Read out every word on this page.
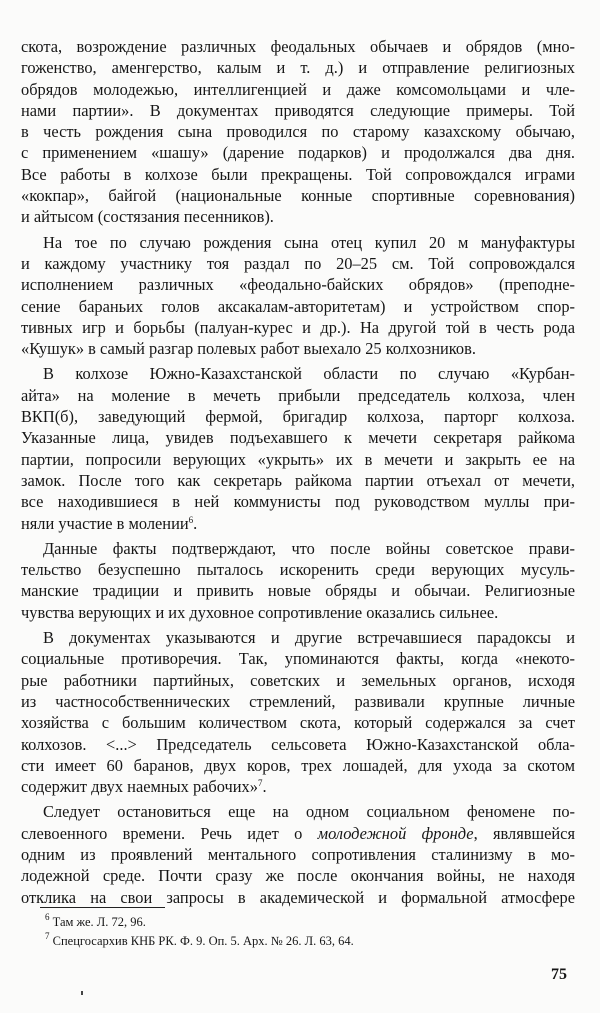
скота, возрождение различных феодальных обычаев и обрядов (мно-
гоженство, аменгерство, калым и т. д.) и отправление религиозных
обрядов молодежью, интеллигенцией и даже комсомольцами и чле-
нами партии». В документах приводятся следующие примеры. Той
в честь рождения сына проводился по старому казахскому обычаю,
с применением «шашу» (дарение подарков) и продолжался два дня.
Все работы в колхозе были прекращены. Той сопровождался играми
«кокпар», байгой (национальные конные спортивные соревнования)
и айтысом (состязания песенников).
На тое по случаю рождения сына отец купил 20 м мануфактуры
и каждому участнику тоя раздал по 20–25 см. Той сопровождался
исполнением различных «феодально-байских обрядов» (преподне-
сение бараньих голов аксакалам-авторитетам) и устройством спор-
тивных игр и борьбы (палуан-курес и др.). На другой той в честь рода
«Кушук» в самый разгар полевых работ выехало 25 колхозников.
В колхозе Южно-Казахстанской области по случаю «Курбан-
айта» на моление в мечеть прибыли председатель колхоза, член
ВКП(б), заведующий фермой, бригадир колхоза, парторг колхоза.
Указанные лица, увидев подъехавшего к мечети секретаря райкома
партии, попросили верующих «укрыть» их в мечети и закрыть ее на
замок. После того как секретарь райкома партии отъехал от мечети,
все находившиеся в ней коммунисты под руководством муллы при-
няли участие в молении$^6$.
Данные факты подтверждают, что после войны советское прави-
тельство безуспешно пыталось искоренить среди верующих мусуль-
манские традиции и привить новые обряды и обычаи. Религиозные
чувства верующих и их духовное сопротивление оказались сильнее.
В документах указываются и другие встречавшиеся парадоксы и
социальные противоречия. Так, упоминаются факты, когда «некото-
рые работники партийных, советских и земельных органов, исходя
из частнособственнических стремлений, развивали крупные личные
хозяйства с большим количеством скота, который содержался за счет
колхозов. <...> Председатель сельсовета Южно-Казахстанской обла-
сти имеет 60 баранов, двух коров, трех лошадей, для ухода за скотом
содержит двух наемных рабочих»$^7$.
Следует остановиться еще на одном социальном феномене по-
слевоенного времени. Речь идет о молодежной фронде, являвшейся
одним из проявлений ментального сопротивления сталинизму в мо-
лодежной среде. Почти сразу же после окончания войны, не находя
отклика на свои запросы в академической и формальной атмосфере
$^6$ Там же. Л. 72, 96.
$^7$ Спецгосархив КНБ РК. Ф. 9. Оп. 5. Арх. № 26. Л. 63, 64.
75
